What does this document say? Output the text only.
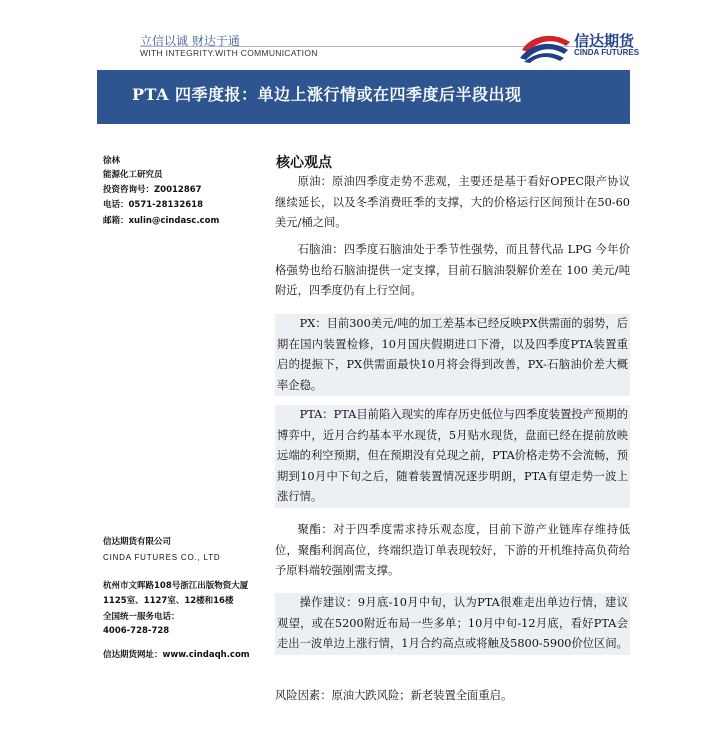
立信以诚 财达于通
WITH INTEGRITY.WITH COMMUNICATION
信达期货
CINDA FUTURES
PTA 四季度报：单边上涨行情或在四季度后半段出现
徐林
能源化工研究员
投资咨询号：Z0012867
电话：0571-28132618
邮箱：xulin@cindasc.com
信达期货有限公司
CINDA FUTURES CO., LTD
杭州市文晖路108号浙江出版物资大厦
1125室、1127室、12楼和16楼
全国统一服务电话：
4006-728-728
信达期货网址：www.cindaqh.com
核心观点

原油：原油四季度走势不悲观，主要还是基于看好OPEC限产协议继续延长，以及冬季消费旺季的支撑，大的价格运行区间预计在50-60美元/桶之间。

石脑油：四季度石脑油处于季节性强势，而且替代品 LPG 今年价格强势也给石脑油提供一定支撑，目前石脑油裂解价差在 100 美元/吨附近，四季度仍有上行空间。

PX：目前300美元/吨的加工差基本已经反映PX供需面的弱势，后期在国内装置检修，10月国庆假期进口下滑，以及四季度PTA装置重启的提振下，PX供需面最快10月将会得到改善，PX-石脑油价差大概率企稳。

PTA：PTA目前陷入现实的库存历史低位与四季度装置投产预期的博弈中，近月合约基本平水现货，5月贴水现货，盘面已经在提前放映远端的利空预期，但在预期没有兑现之前，PTA价格走势不会流畅，预期到10月中下旬之后，随着装置情况逐步明朗，PTA有望走势一波上涨行情。

聚酯：对于四季度需求持乐观态度，目前下游产业链库存维持低位，聚酯利润高位，终端织造订单表现较好，下游的开机维持高负荷给予原料端较强刚需支撑。

操作建议：9月底-10月中旬，认为PTA很难走出单边行情，建议观望，或在5200附近布局一些多单；10月中旬-12月底，看好PTA会走出一波单边上涨行情，1月合约高点或将触及5800-5900价位区间。

风险因素：原油大跌风险；新老装置全面重启。
